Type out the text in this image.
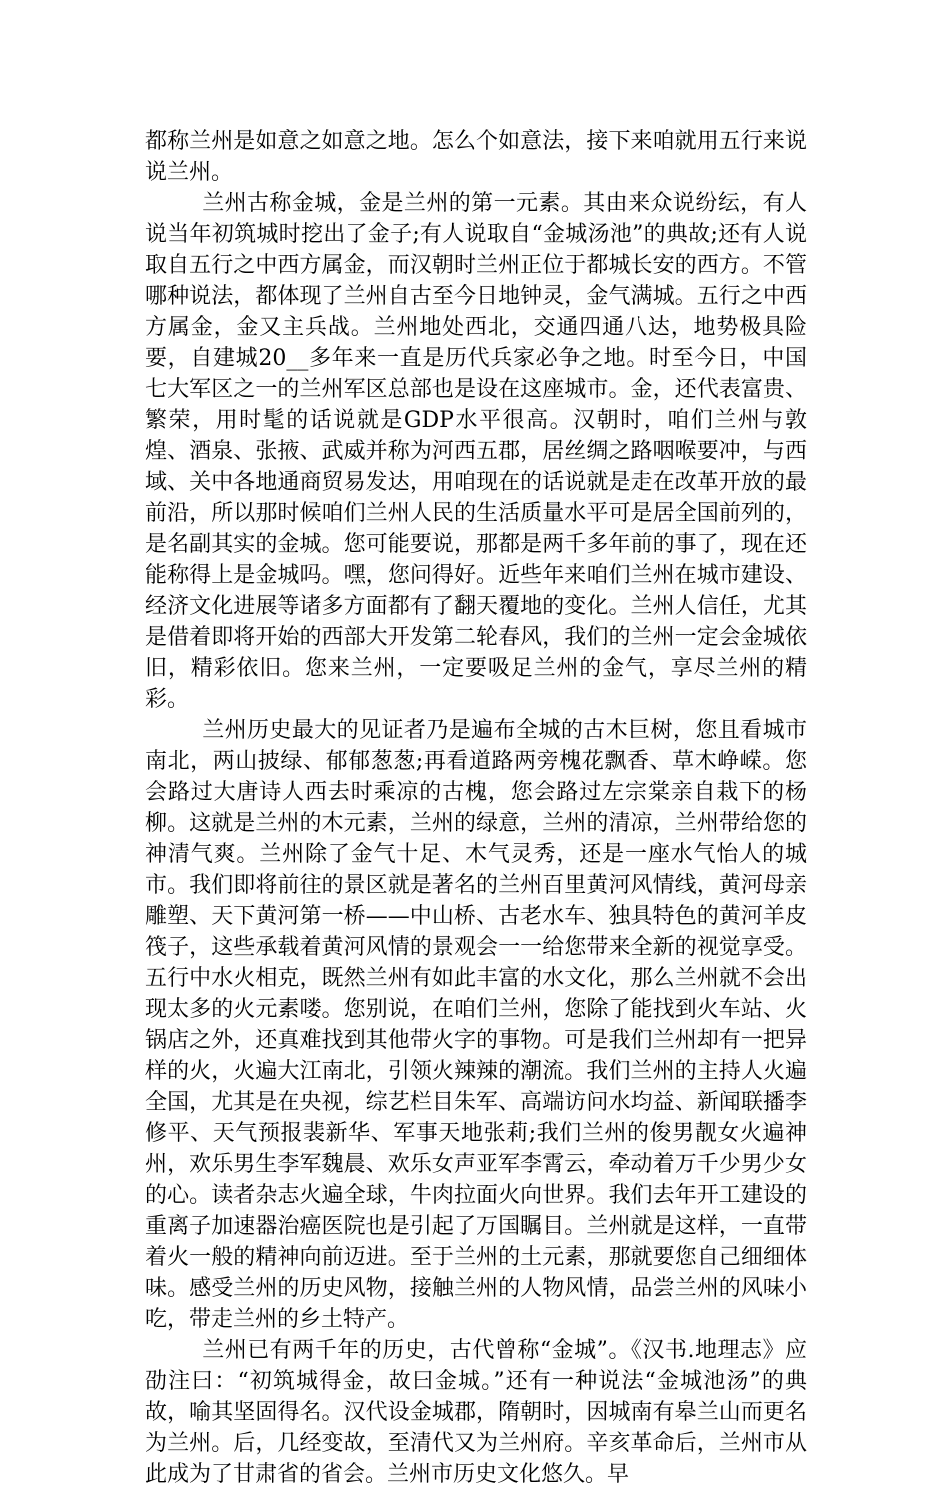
都称兰州是如意之如意之地。怎么个如意法，接下来咱就用五行来说说兰州。

兰州古称金城，金是兰州的第一元素。其由来众说纷纭，有人说当年初筑城时挖出了金子;有人说取自“金城汤池”的典故;还有人说取自五行之中西方属金，而汉朝时兰州正位于都城长安的西方。不管哪种说法，都体现了兰州自古至今日地钟灵，金气满城。五行之中西方属金，金又主兵战。兰州地处西北，交通四通八达，地势极具险要，自建城20__多年来一直是历代兵家必争之地。时至今日，中国七大军区之一的兰州军区总部也是设在这座城市。金，还代表富贵、繁荣，用时髦的话说就是GDP水平很高。汉朝时，咱们兰州与敦煌、酒泉、张掖、武威并称为河西五郡，居丝绸之路咽喉要冲，与西域、关中各地通商贸易发达，用咱现在的话说就是走在改革开放的最前沿，所以那时候咱们兰州人民的生活质量水平可是居全国前列的，是名副其实的金城。您可能要说，那都是两千多年前的事了，现在还能称得上是金城吗。嘿，您问得好。近些年来咱们兰州在城市建设、经济文化进展等诸多方面都有了翻天覆地的变化。兰州人信任，尤其是借着即将开始的西部大开发第二轮春风，我们的兰州一定会金城依旧，精彩依旧。您来兰州，一定要吸足兰州的金气，享尽兰州的精彩。

兰州历史最大的见证者乃是遍布全城的古木巨树，您且看城市南北，两山披绿、郁郁葱葱;再看道路两旁槐花飘香、草木峥嵘。您会路过大唐诗人西去时乘凉的古槐，您会路过左宗棠亲自栽下的杨柳。这就是兰州的木元素，兰州的绿意，兰州的清凉，兰州带给您的神清气爽。兰州除了金气十足、木气灵秀，还是一座水气怡人的城市。我们即将前往的景区就是著名的兰州百里黄河风情线，黄河母亲雕塑、天下黄河第一桥——中山桥、古老水车、独具特色的黄河羊皮筏子，这些承载着黄河风情的景观会一一给您带来全新的视觉享受。五行中水火相克，既然兰州有如此丰富的水文化，那么兰州就不会出现太多的火元素喽。您别说，在咱们兰州，您除了能找到火车站、火锅店之外，还真难找到其他带火字的事物。可是我们兰州却有一把异样的火，火遍大江南北，引领火辣辣的潮流。我们兰州的主持人火遍全国，尤其是在央视，综艺栏目朱军、高端访问水均益、新闻联播李修平、天气预报裴新华、军事天地张莉;我们兰州的俊男靓女火遍神州，欢乐男生李军魏晨、欢乐女声亚军李霄云，牵动着万千少男少女的心。读者杂志火遍全球，牛肉拉面火向世界。我们去年开工建设的重离子加速器治癌医院也是引起了万国瞩目。兰州就是这样，一直带着火一般的精神向前迈进。至于兰州的土元素，那就要您自己细细体味。感受兰州的历史风物，接触兰州的人物风情，品尝兰州的风味小吃，带走兰州的乡土特产。

兰州已有两千年的历史，古代曾称“金城”。《汉书.地理志》应劭注曰：“初筑城得金，故曰金城。”还有一种说法“金城池汤”的典故，喻其坚固得名。汉代设金城郡，隋朝时，因城南有皋兰山而更名为兰州。后，几经变故，至清代又为兰州府。辛亥革命后，兰州市从此成为了甘肃省的省会。兰州市历史文化悠久。早
